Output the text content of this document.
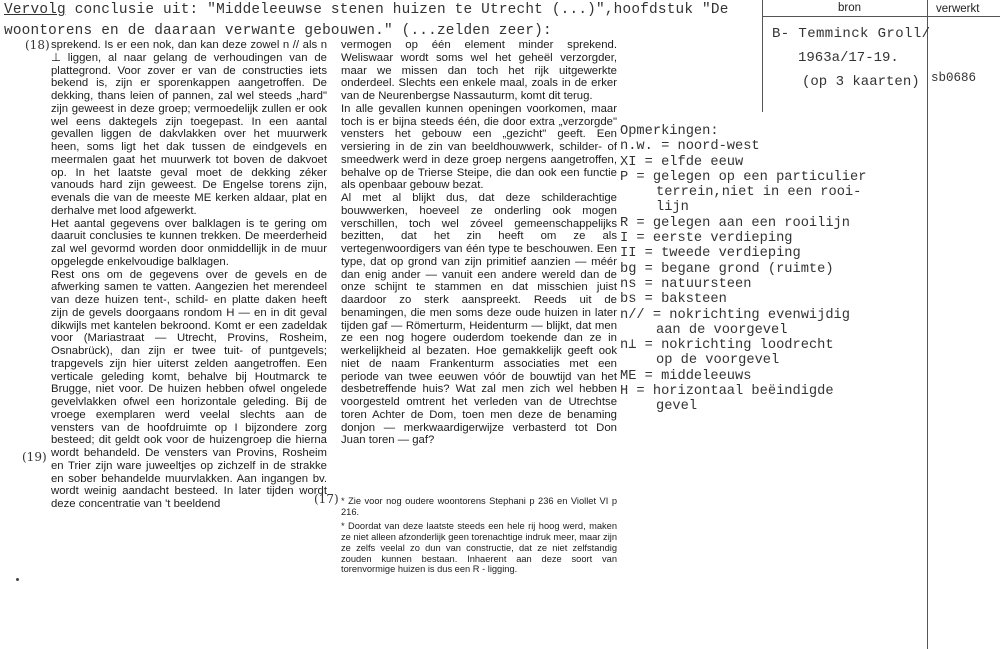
Vervolg conclusie uit: "Middeleeuwse stenen huizen te Utrecht (...)",hoofdstuk "De
woontorens en de daaraan verwante gebouwen." (...zelden zeer):
(18)
(19)
(17)

sprekend. Is er een nok, dan kan deze zowel n // als n ⊥ liggen, al naar gelang de verhoudingen van de plattegrond. Voor zover er van de constructies iets bekend is, zijn er sporenkappen aangetroffen. De dekking, thans leien of pannen, zal wel steeds „hard" zijn geweest in deze groep; vermoedelijk zullen er ook wel eens daktegels zijn toegepast. In een aantal gevallen liggen de dakvlakken over het muurwerk heen, soms ligt het dak tussen de eindgevels en meermalen gaat het muurwerk tot boven de dakvoet op. In het laatste geval moet de dekking zéker vanouds hard zijn geweest. De Engelse torens zijn, evenals die van de meeste ME kerken aldaar, plat en derhalve met lood afgewerkt.

Het aantal gegevens over balklagen is te gering om daaruit conclusies te kunnen trekken. De meerderheid zal wel gevormd worden door onmiddellijk in de muur opgelegde enkelvoudige balklagen.

Rest ons om de gegevens over de gevels en de afwerking samen te vatten. Aangezien het merendeel van deze huizen tent-, schild- en platte daken heeft zijn de gevels doorgaans rondom H — en in dit geval dikwijls met kantelen bekroond. Komt er een zadeldak voor (Mariastraat — Utrecht, Provins, Rosheim, Osnabrück), dan zijn er twee tuit- of puntgevels; trapgevels zijn hier uiterst zelden aangetroffen. Een verticale geleding komt, behalve bij Houtmarck te Brugge, niet voor. De huizen hebben ofwel ongelede gevelvlakken ofwel een horizontale geleding. Bij de vroege exemplaren werd veelal slechts aan de vensters van de hoofdruimte op I bijzondere zorg besteed; dit geldt ook voor de huizengroep die hierna wordt behandeld. De vensters van Provins, Rosheim en Trier zijn ware juweeltjes op zichzelf in de strakke en sober behandelde muurvlakken. Aan ingangen bv. wordt weinig aandacht besteed. In later tijden wordt deze concentratie van 't beeldend

vermogen op één element minder sprekend. Weliswaar wordt soms wel het geheël verzorgder, maar we missen dan toch het rijk uitgewerkte onderdeel. Slechts een enkele maal, zoals in de erker van de Neurenbergse Nassauturm, komt dit terug.

In alle gevallen kunnen openingen voorkomen, maar toch is er bijna steeds één, die door extra „verzorgde" vensters het gebouw een „gezicht" geeft. Een versiering in de zin van beeldhouwwerk, schilder- of smeedwerk werd in deze groep nergens aangetroffen, behalve op de Trierse Steipe, die dan ook een functie als openbaar gebouw bezat.

Al met al blijkt dus, dat deze schilderachtige bouwwerken, hoeveel ze onderling ook mogen verschillen, toch wel zóveel gemeenschappelijks bezitten, dat het zin heeft om ze als vertegenwoordigers van één type te beschouwen. Een type, dat op grond van zijn primitief aanzien — méér dan enig ander — vanuit een andere wereld dan de onze schijnt te stammen en dat misschien juist daardoor zo sterk aanspreekt. Reeds uit de benamingen, die men soms deze oude huizen in later tijden gaf — Römerturm, Heidenturm — blijkt, dat men ze een nog hogere ouderdom toekende dan ze in werkelijkheid al bezaten. Hoe gemakkelijk geeft ook niet de naam Frankenturm associaties met een periode van twee eeuwen vóór de bouwtijd van het desbetreffende huis? Wat zal men zich wel hebben voorgesteld omtrent het verleden van de Utrechtse toren Achter de Dom, toen men deze de benaming donjon — merkwaardigerwijze verbasterd tot Don Juan toren — gaf?

* Zie voor nog oudere woontorens Stephani p 236 en Viollet VI p 216.

* Doordat van deze laatste steeds een hele rij hoog werd, maken ze niet alleen afzonderlijk geen torenachtige indruk meer, maar zijn ze zelfs veelal zo dun van constructie, dat ze niet zelfstandig zouden kunnen bestaan. Inhaerent aan deze soort van torenvormige huizen is dus een R - ligging.

bron	verwerkt
B- Temminck Groll/
1963a/17-19.
(op 3 kaarten) sb0686
Opmerkingen:
n.w. = noord-west
XI = elfde eeuw
P = gelegen op een particulier
terrein,niet in een rooi-
lijn
R = gelegen aan een rooilijn
I = eerste verdieping
II = tweede verdieping
bg = begane grond (ruimte)
ns = natuursteen
bs = baksteen
n// = nokrichting evenwijdig
aan de voorgevel
n⊥ = nokrichting loodrecht
op de voorgevel
ME = middeleeuws
H = horizontaal beëindigde
gevel
